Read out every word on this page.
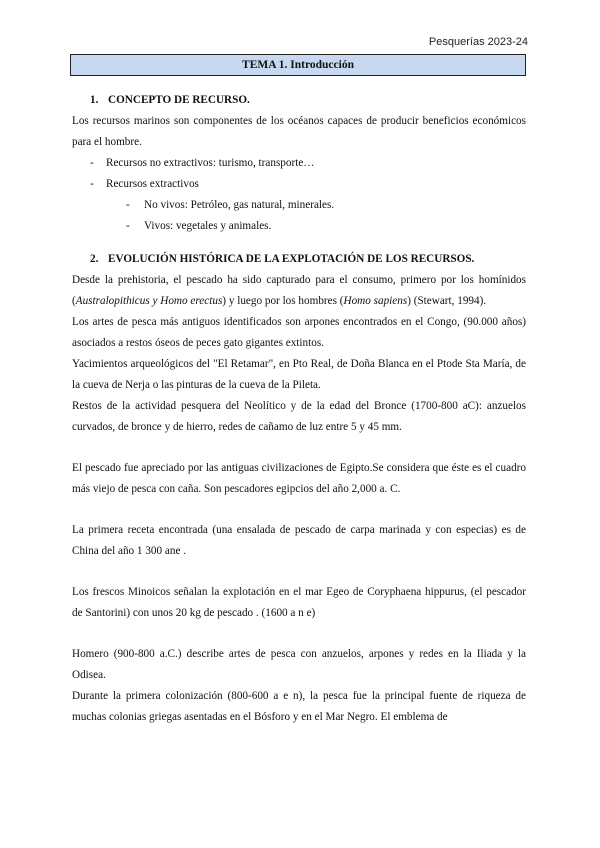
Pesquerías 2023-24
TEMA 1. Introducción
1. CONCEPTO DE RECURSO.
Los recursos marinos son componentes de los océanos capaces de producir beneficios económicos para el hombre.
- Recursos no extractivos: turismo, transporte…
- Recursos extractivos
- No vivos: Petróleo, gas natural, minerales.
- Vivos: vegetales y animales.
2. EVOLUCIÓN HISTÓRICA DE LA EXPLOTACIÓN DE LOS RECURSOS.
Desde la prehistoria, el pescado ha sido capturado para el consumo, primero por los homínidos (Australopithicus y Homo erectus) y luego por los hombres (Homo sapiens) (Stewart, 1994).
Los artes de pesca más antiguos identificados son arpones encontrados en el Congo, (90.000 años) asociados a restos óseos de peces gato gigantes extintos.
Yacimientos arqueológicos del "El Retamar", en Pto Real, de Doña Blanca en el Ptode Sta María, de la cueva de Nerja o las pinturas de la cueva de la Pileta.
Restos de la actividad pesquera del Neolítico y de la edad del Bronce (1700-800 aC): anzuelos curvados, de bronce y de hierro, redes de cañamo de luz entre 5 y 45 mm.
El pescado fue apreciado por las antiguas civilizaciones de Egipto.Se considera que éste es el cuadro más viejo de pesca con caña. Son pescadores egipcios del año 2,000 a. C.
La primera receta encontrada (una ensalada de pescado de carpa marinada y con especias) es de China del año 1 300 ane .
Los frescos Minoicos señalan la explotación en el mar Egeo de Coryphaena hippurus, (el pescador de Santorini) con unos 20 kg de pescado . (1600 a n e)
Homero (900-800 a.C.) describe artes de pesca con anzuelos, arpones y redes en la Iliada y la Odisea.
Durante la primera colonización (800-600 a e n), la pesca fue la principal fuente de riqueza de muchas colonias griegas asentadas en el Bósforo y en el Mar Negro. El emblema de
